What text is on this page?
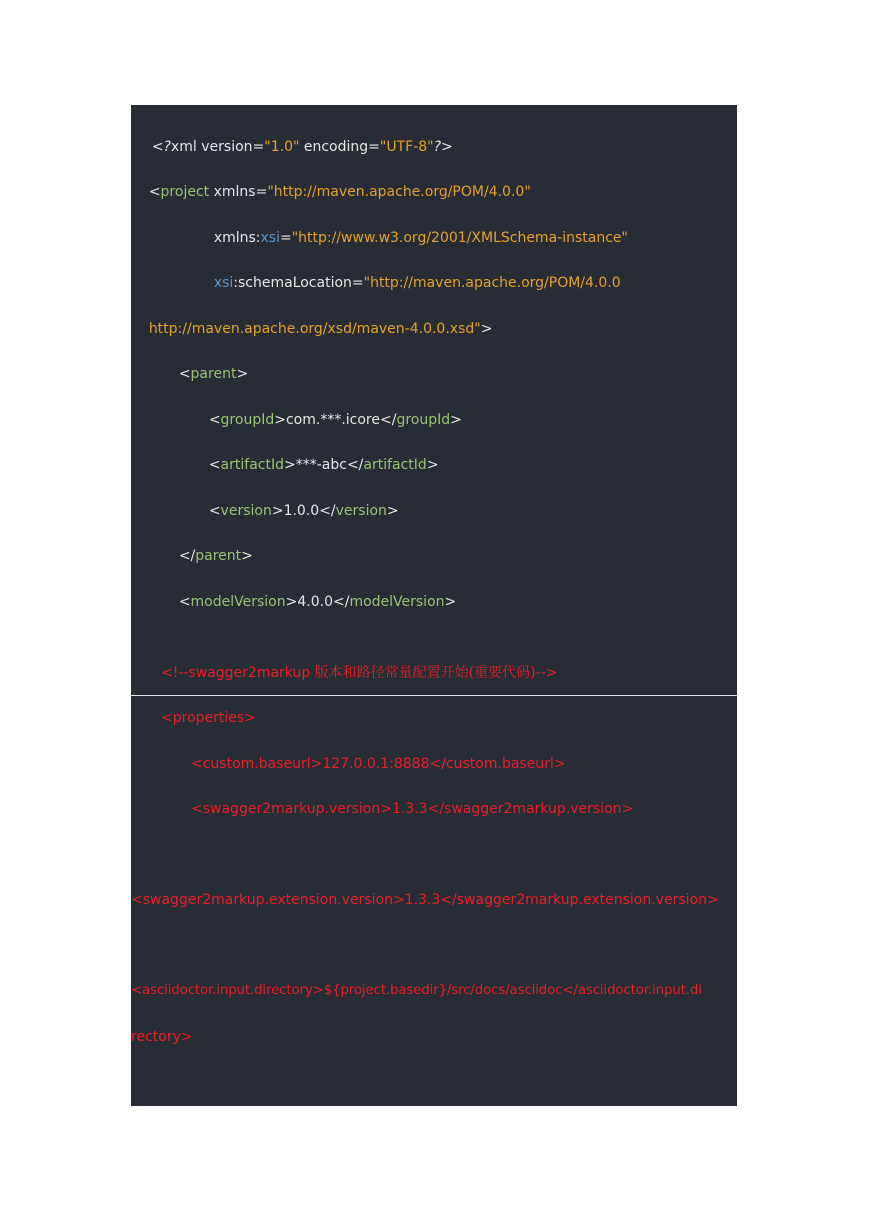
<?xml version="1.0" encoding="UTF-8"?>

<project xmlns="http://maven.apache.org/POM/4.0.0"

xmlns:xsi="http://www.w3.org/2001/XMLSchema-instance"

xsi:schemaLocation="http://maven.apache.org/POM/4.0.0

http://maven.apache.org/xsd/maven-4.0.0.xsd">

<parent>

<groupId>com.***.icore</groupId>

<artifactId>***-abc</artifactId>

<version>1.0.0</version>

</parent>

<modelVersion>4.0.0</modelVersion>

<!--swagger2markup 版本和路径常量配置开始(重要代码)-->
<properties>
<custom.baseurl>127.0.0.1:8888</custom.baseurl>
<swagger2markup.version>1.3.3</swagger2markup.version>
<swagger2markup.extension.version>1.3.3</swagger2markup.extension.version>
<asciidoctor.input.directory>${project.basedir}/src/docs/asciidoc</asciidoctor.input.di
rectory>
